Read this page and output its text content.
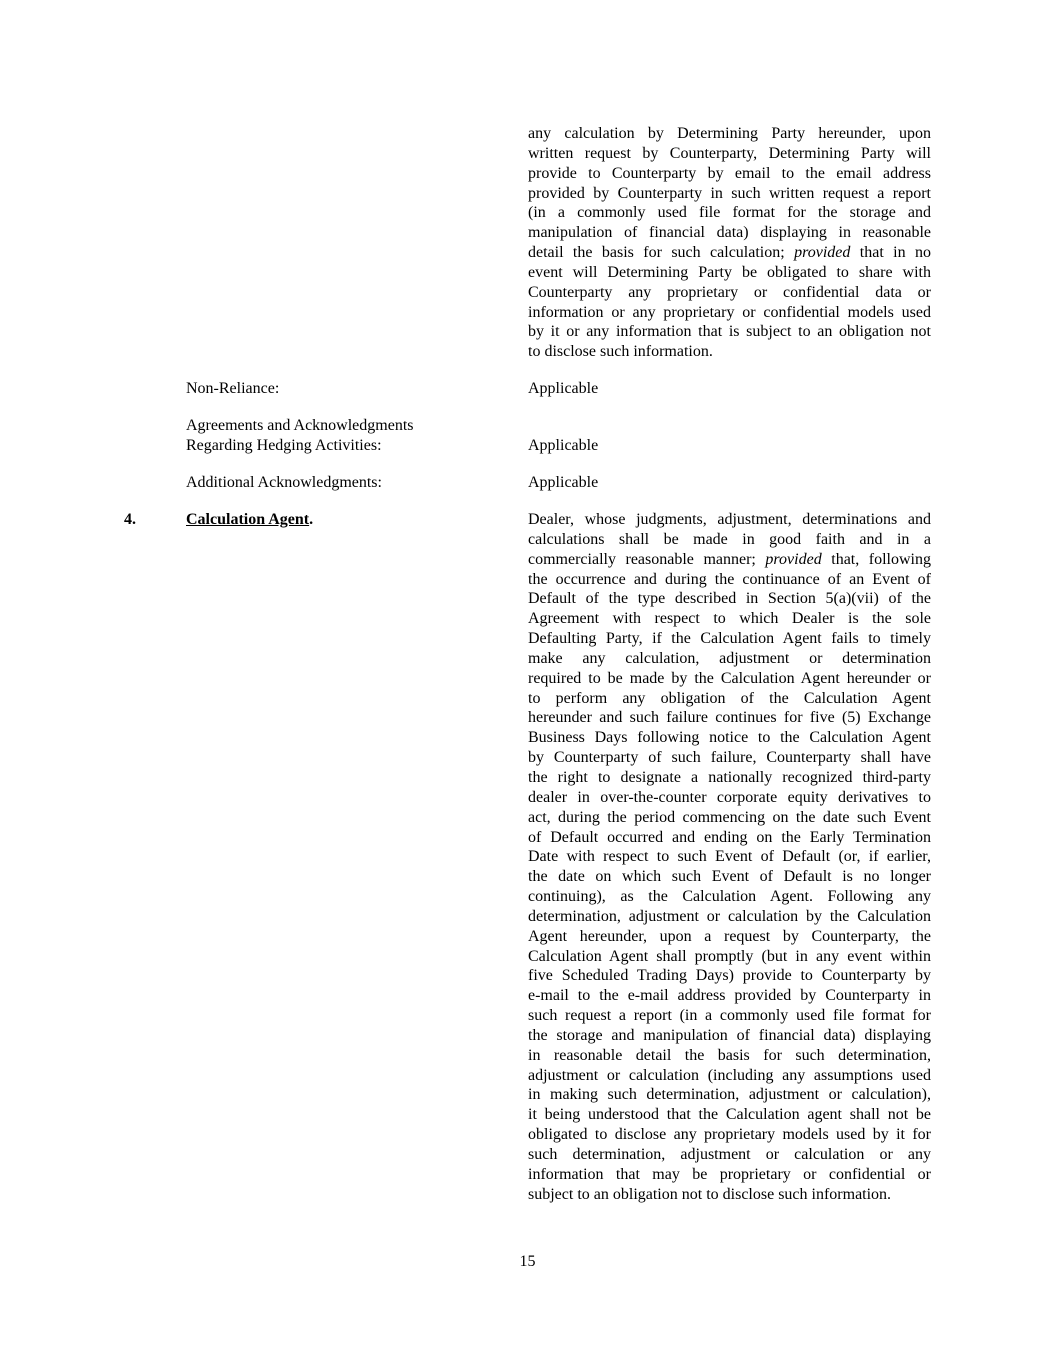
any calculation by Determining Party hereunder, upon
written request by Counterparty, Determining Party will
provide to Counterparty by email to the email address
provided by Counterparty in such written request a report
(in a commonly used file format for the storage and
manipulation of financial data) displaying in reasonable
detail the basis for such calculation; provided that in no
event will Determining Party be obligated to share with
Counterparty any proprietary or confidential data or
information or any proprietary or confidential models used
by it or any information that is subject to an obligation not
to disclose such information.

Non-Reliance:	Applicable

Agreements and Acknowledgments

Regarding Hedging Activities:	Applicable

Additional Acknowledgments:	Applicable

4.	Calculation Agent.	Dealer, whose judgments, adjustment, determinations and
calculations shall be made in good faith and in a
commercially reasonable manner; provided that, following
the occurrence and during the continuance of an Event of
Default of the type described in Section 5(a)(vii) of the
Agreement with respect to which Dealer is the sole
Defaulting Party, if the Calculation Agent fails to timely
make any calculation, adjustment or determination
required to be made by the Calculation Agent hereunder or
to perform any obligation of the Calculation Agent
hereunder and such failure continues for five (5) Exchange
Business Days following notice to the Calculation Agent
by Counterparty of such failure, Counterparty shall have
the right to designate a nationally recognized third-party
dealer in over-the-counter corporate equity derivatives to
act, during the period commencing on the date such Event
of Default occurred and ending on the Early Termination
Date with respect to such Event of Default (or, if earlier,
the date on which such Event of Default is no longer
continuing), as the Calculation Agent. Following any
determination, adjustment or calculation by the Calculation
Agent hereunder, upon a request by Counterparty, the
Calculation Agent shall promptly (but in any event within
five Scheduled Trading Days) provide to Counterparty by
e-mail to the e-mail address provided by Counterparty in
such request a report (in a commonly used file format for
the storage and manipulation of financial data) displaying
in reasonable detail the basis for such determination,
adjustment or calculation (including any assumptions used
in making such determination, adjustment or calculation),
it being understood that the Calculation agent shall not be
obligated to disclose any proprietary models used by it for
such determination, adjustment or calculation or any
information that may be proprietary or confidential or
subject to an obligation not to disclose such information.

15
